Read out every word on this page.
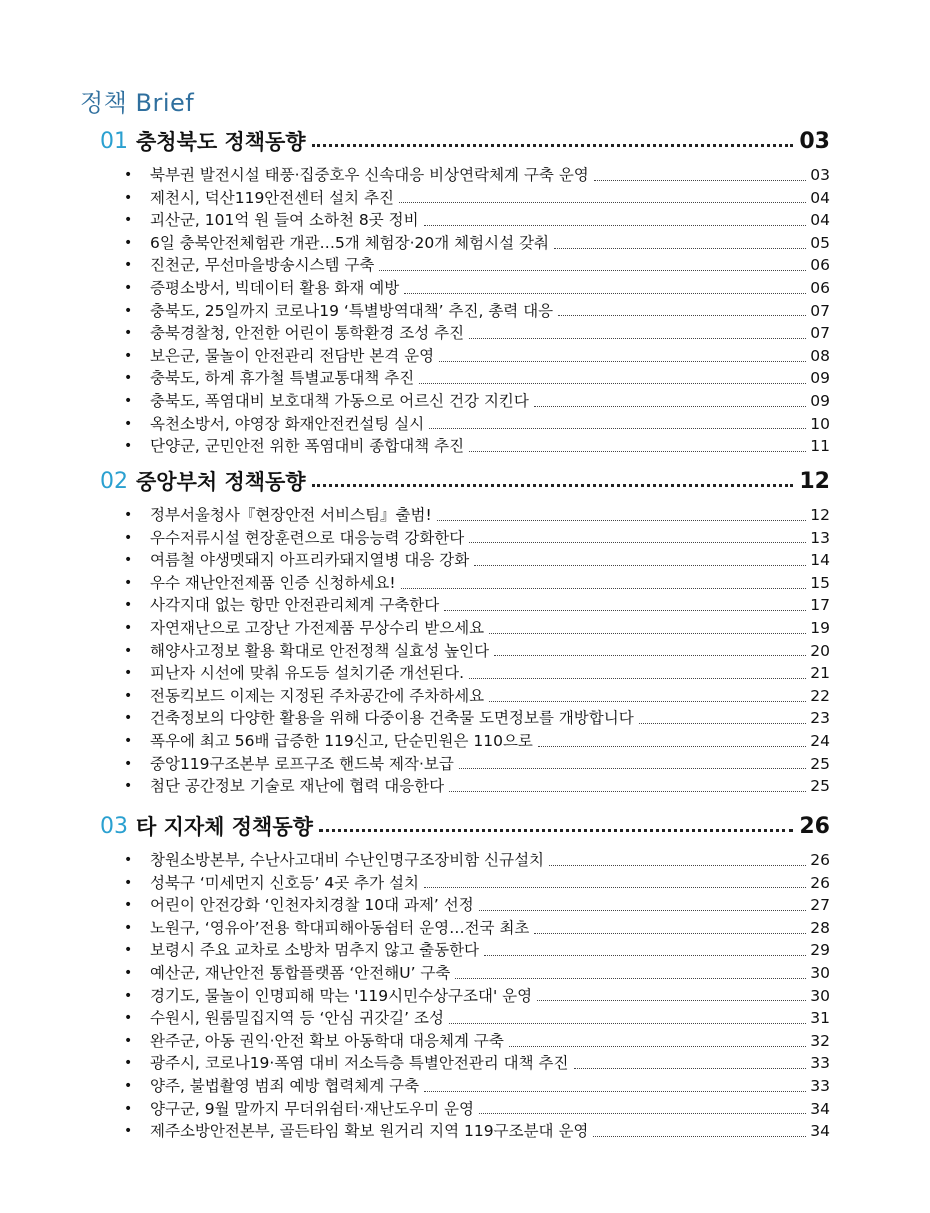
정책 Brief
01 충청북도 정책동향	03
•	북부권 발전시설 태풍·집중호우 신속대응 비상연락체계 구축 운영	03
•	제천시, 덕산119안전센터 설치 추진	04
•	괴산군, 101억 원 들여 소하천 8곳 정비	04
•	6일 충북안전체험관 개관…5개 체험장·20개 체험시설 갖춰	05
•	진천군, 무선마을방송시스템 구축	06
•	증평소방서, 빅데이터 활용 화재 예방	06
•	충북도, 25일까지 코로나19 ‘특별방역대책’ 추진, 총력 대응	07
•	충북경찰청, 안전한 어린이 통학환경 조성 추진	07
•	보은군, 물놀이 안전관리 전담반 본격 운영	08
•	충북도, 하계 휴가철 특별교통대책 추진	09
•	충북도, 폭염대비 보호대책 가동으로 어르신 건강 지킨다	09
•	옥천소방서, 야영장 화재안전컨설팅 실시	10
•	단양군, 군민안전 위한 폭염대비 종합대책 추진	11
02 중앙부처 정책동향	12
•	정부서울청사『현장안전 서비스팀』출범!	12
•	우수저류시설 현장훈련으로 대응능력 강화한다	13
•	여름철 야생멧돼지 아프리카돼지열병 대응 강화	14
•	우수 재난안전제품 인증 신청하세요!	15
•	사각지대 없는 항만 안전관리체계 구축한다	17
•	자연재난으로 고장난 가전제품 무상수리 받으세요	19
•	해양사고정보 활용 확대로 안전정책 실효성 높인다	20
•	피난자 시선에 맞춰 유도등 설치기준 개선된다.	21
•	전동킥보드 이제는 지정된 주차공간에 주차하세요	22
•	건축정보의 다양한 활용을 위해 다중이용 건축물 도면정보를 개방합니다	23
•	폭우에 최고 56배 급증한 119신고, 단순민원은 110으로	24
•	중앙119구조본부 로프구조 핸드북 제작·보급	25
•	첨단 공간정보 기술로 재난에 협력 대응한다	25
03 타 지자체 정책동향	26
•	창원소방본부, 수난사고대비 수난인명구조장비함 신규설치	26
•	성북구 ‘미세먼지 신호등’ 4곳 추가 설치	26
•	어린이 안전강화 ‘인천자치경찰 10대 과제’ 선정	27
•	노원구, ‘영유아’전용 학대피해아동쉼터 운영…전국 최초	28
•	보령시 주요 교차로 소방차 멈추지 않고 출동한다	29
•	예산군, 재난안전 통합플랫폼 ‘안전해U’ 구축	30
•	경기도, 물놀이 인명피해 막는 '119시민수상구조대' 운영	30
•	수원시, 원룸밀집지역 등 ‘안심 귀갓길’ 조성	31
•	완주군, 아동 권익·안전 확보 아동학대 대응체계 구축	32
•	광주시, 코로나19·폭염 대비 저소득층 특별안전관리 대책 추진	33
•	양주, 불법촬영 범죄 예방 협력체계 구축	33
•	양구군, 9월 말까지 무더위쉼터·재난도우미 운영	34
•	제주소방안전본부, 골든타임 확보 원거리 지역 119구조분대 운영	34
